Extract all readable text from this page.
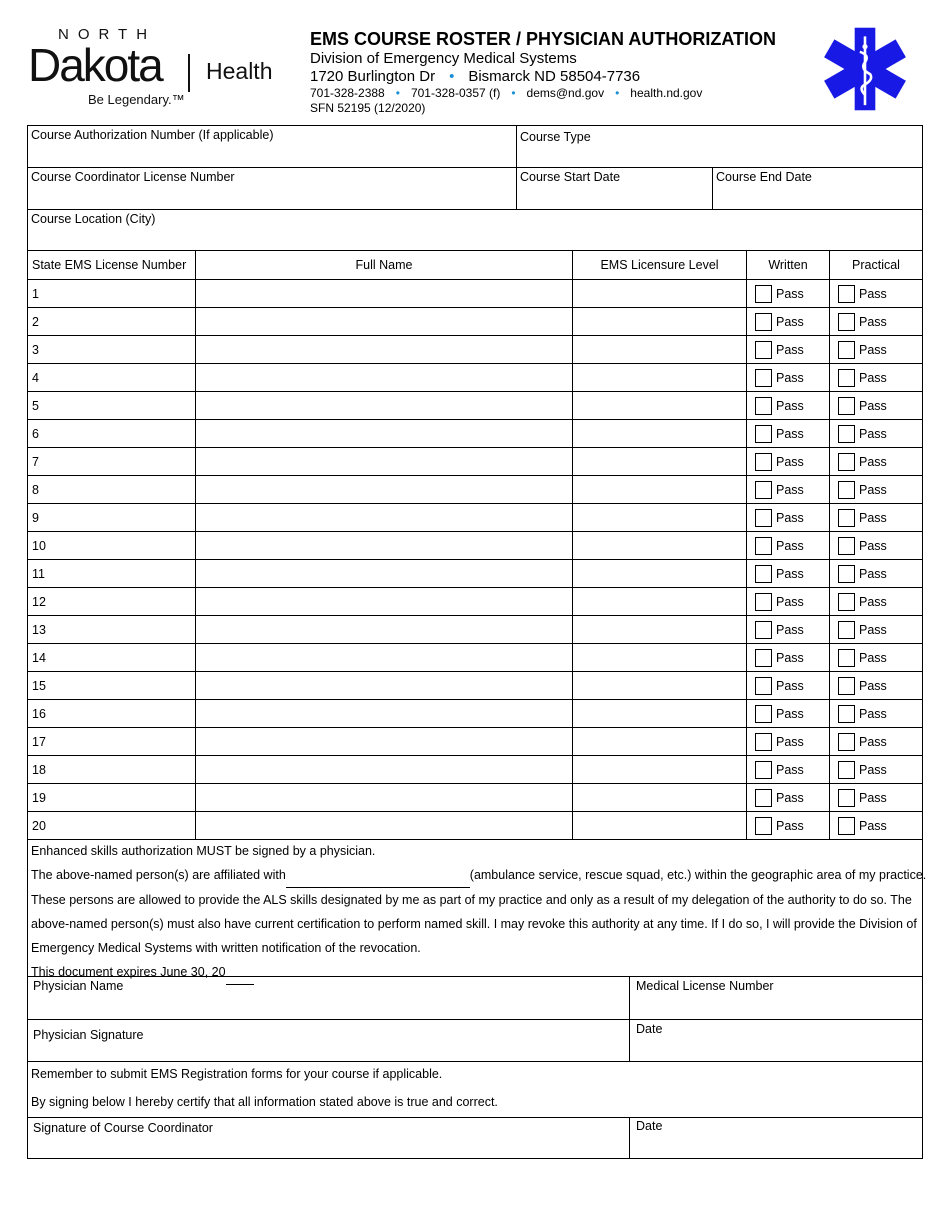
NORTH
Dakota Health
Be Legendary.™
EMS COURSE ROSTER / PHYSICIAN AUTHORIZATION
Division of Emergency Medical Systems
1720 Burlington Dr • Bismarck ND 58504-7736
701-328-2388 • 701-328-0357 (f) • dems@nd.gov • health.nd.gov
SFN 52195 (12/2020)
Course Authorization Number (If applicable)	Course Type
Course Coordinator License Number	Course Start Date	Course End Date
Course Location (City)
State EMS License Number	Full Name	EMS Licensure Level	Written	Practical
1			Pass	Pass

2			Pass	Pass

3			Pass	Pass

4			Pass	Pass

5			Pass	Pass

6			Pass	Pass

7			Pass	Pass

8			Pass	Pass

9			Pass	Pass

10			Pass	Pass

11			Pass	Pass

12			Pass	Pass

13			Pass	Pass

14			Pass	Pass

15			Pass	Pass

16			Pass	Pass

17			Pass	Pass

18			Pass	Pass

19			Pass	Pass

20			Pass	Pass
Enhanced skills authorization MUST be signed by a physician.
The above-named person(s) are affiliated with	(ambulance service, rescue squad, etc.) within the geographic area of my practice.
These persons are allowed to provide the ALS skills designated by me as part of my practice and only as a result of my delegation of the authority to do so. The
above-named person(s) must also have current certification to perform named skill. I may revoke this authority at any time. If I do so, I will provide the Division of
Emergency Medical Systems with written notification of the revocation.
This document expires June 30, 20
Physician Name	Medical License Number
Physician Signature	Date
Remember to submit EMS Registration forms for your course if applicable.
By signing below I hereby certify that all information stated above is true and correct.
Signature of Course Coordinator	Date
